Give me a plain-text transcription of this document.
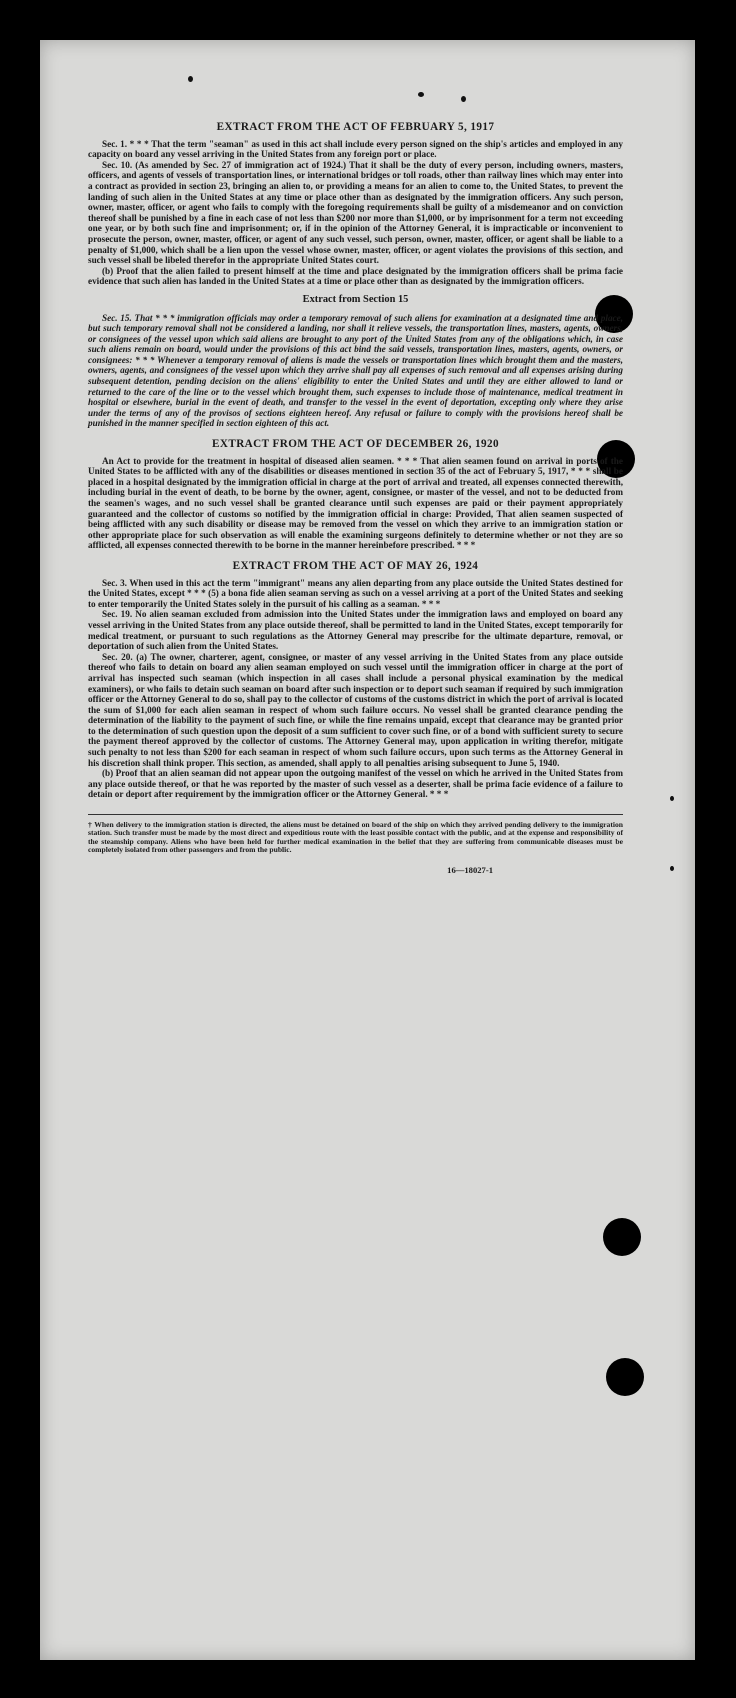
EXTRACT FROM THE ACT OF FEBRUARY 5, 1917

Sec. 1. * * * That the term "seaman" as used in this act shall include every person signed on the ship's articles and employed in any capacity on board any vessel arriving in the United States from any foreign port or place.

Sec. 10. (As amended by Sec. 27 of immigration act of 1924.) That it shall be the duty of every person, including owners, masters, officers, and agents of vessels of transportation lines, or international bridges or toll roads, other than railway lines which may enter into a contract as provided in section 23, bringing an alien to, or providing a means for an alien to come to, the United States, to prevent the landing of such alien in the United States at any time or place other than as designated by the immigration officers. Any such person, owner, master, officer, or agent who fails to comply with the foregoing requirements shall be guilty of a misdemeanor and on conviction thereof shall be punished by a fine in each case of not less than $200 nor more than $1,000, or by imprisonment for a term not exceeding one year, or by both such fine and imprisonment; or, if in the opinion of the Attorney General, it is impracticable or inconvenient to prosecute the person, owner, master, officer, or agent of any such vessel, such person, owner, master, officer, or agent shall be liable to a penalty of $1,000, which shall be a lien upon the vessel whose owner, master, officer, or agent violates the provisions of this section, and such vessel shall be libeled therefor in the appropriate United States court.

(b) Proof that the alien failed to present himself at the time and place designated by the immigration officers shall be prima facie evidence that such alien has landed in the United States at a time or place other than as designated by the immigration officers.

Extract from Section 15

Sec. 15. That * * * immigration officials may order a temporary removal of such aliens for examination at a designated time and place, but such temporary removal shall not be considered a landing, nor shall it relieve vessels, the transportation lines, masters, agents, owners, or consignees of the vessel upon which said aliens are brought to any port of the United States from any of the obligations which, in case such aliens remain on board, would under the provisions of this act bind the said vessels, transportation lines, masters, agents, owners, or consignees: * * * Whenever a temporary removal of aliens is made the vessels or transportation lines which brought them and the masters, owners, agents, and consignees of the vessel upon which they arrive shall pay all expenses of such removal and all expenses arising during subsequent detention, pending decision on the aliens' eligibility to enter the United States and until they are either allowed to land or returned to the care of the line or to the vessel which brought them, such expenses to include those of maintenance, medical treatment in hospital or elsewhere, burial in the event of death, and transfer to the vessel in the event of deportation, excepting only where they arise under the terms of any of the provisos of sections eighteen hereof. Any refusal or failure to comply with the provisions hereof shall be punished in the manner specified in section eighteen of this act.

EXTRACT FROM THE ACT OF DECEMBER 26, 1920

An Act to provide for the treatment in hospital of diseased alien seamen. * * * That alien seamen found on arrival in ports of the United States to be afflicted with any of the disabilities or diseases mentioned in section 35 of the act of February 5, 1917, * * * shall be placed in a hospital designated by the immigration official in charge at the port of arrival and treated, all expenses connected therewith, including burial in the event of death, to be borne by the owner, agent, consignee, or master of the vessel, and not to be deducted from the seamen's wages, and no such vessel shall be granted clearance until such expenses are paid or their payment appropriately guaranteed and the collector of customs so notified by the immigration official in charge: Provided, That alien seamen suspected of being afflicted with any such disability or disease may be removed from the vessel on which they arrive to an immigration station or other appropriate place for such observation as will enable the examining surgeons definitely to determine whether or not they are so afflicted, all expenses connected therewith to be borne in the manner hereinbefore prescribed. * * *

EXTRACT FROM THE ACT OF MAY 26, 1924

Sec. 3. When used in this act the term "immigrant" means any alien departing from any place outside the United States destined for the United States, except * * * (5) a bona fide alien seaman serving as such on a vessel arriving at a port of the United States and seeking to enter temporarily the United States solely in the pursuit of his calling as a seaman. * * *

Sec. 19. No alien seaman excluded from admission into the United States under the immigration laws and employed on board any vessel arriving in the United States from any place outside thereof, shall be permitted to land in the United States, except temporarily for medical treatment, or pursuant to such regulations as the Attorney General may prescribe for the ultimate departure, removal, or deportation of such alien from the United States.

Sec. 20. (a) The owner, charterer, agent, consignee, or master of any vessel arriving in the United States from any place outside thereof who fails to detain on board any alien seaman employed on such vessel until the immigration officer in charge at the port of arrival has inspected such seaman (which inspection in all cases shall include a personal physical examination by the medical examiners), or who fails to detain such seaman on board after such inspection or to deport such seaman if required by such immigration officer or the Attorney General to do so, shall pay to the collector of customs of the customs district in which the port of arrival is located the sum of $1,000 for each alien seaman in respect of whom such failure occurs. No vessel shall be granted clearance pending the determination of the liability to the payment of such fine, or while the fine remains unpaid, except that clearance may be granted prior to the determination of such question upon the deposit of a sum sufficient to cover such fine, or of a bond with sufficient surety to secure the payment thereof approved by the collector of customs. The Attorney General may, upon application in writing therefor, mitigate such penalty to not less than $200 for each seaman in respect of whom such failure occurs, upon such terms as the Attorney General in his discretion shall think proper. This section, as amended, shall apply to all penalties arising subsequent to June 5, 1940.

(b) Proof that an alien seaman did not appear upon the outgoing manifest of the vessel on which he arrived in the United States from any place outside thereof, or that he was reported by the master of such vessel as a deserter, shall be prima facie evidence of a failure to detain or deport after requirement by the immigration officer or the Attorney General. * * *

† When delivery to the immigration station is directed, the aliens must be detained on board of the ship on which they arrived pending delivery to the immigration station. Such transfer must be made by the most direct and expeditious route with the least possible contact with the public, and at the expense and responsibility of the steamship company. Aliens who have been held for further medical examination in the belief that they are suffering from communicable diseases must be completely isolated from other passengers and from the public.
16—18027-1
